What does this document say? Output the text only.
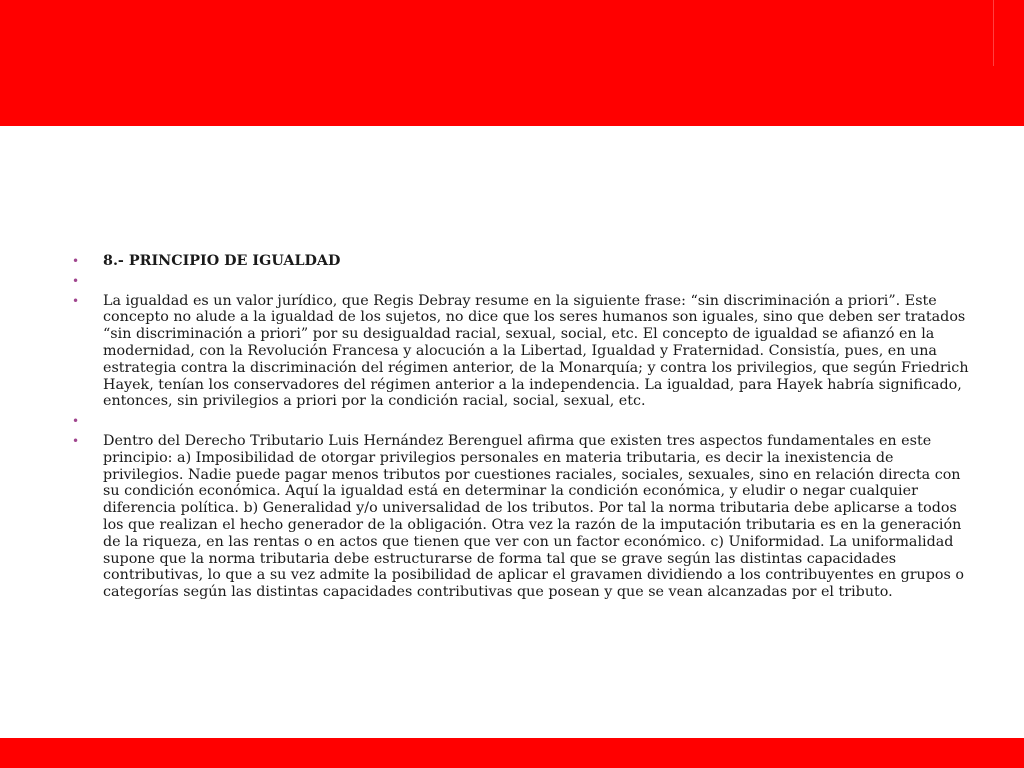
• 8.- PRINCIPIO DE IGUALDAD
•
• La igualdad es un valor jurídico, que Regis Debray resume en la siguiente frase: “sin discriminación a priori”. Este concepto no alude a la igualdad de los sujetos, no dice que los seres humanos son iguales, sino que deben ser tratados “sin discriminación a priori” por su desigualdad racial, sexual, social, etc. El concepto de igualdad se afianzó en la modernidad, con la Revolución Francesa y alocución a la Libertad, Igualdad y Fraternidad. Consistía, pues, en una estrategia contra la discriminación del régimen anterior, de la Monarquía; y contra los privilegios, que según Friedrich Hayek, tenían los conservadores del régimen anterior a la independencia. La igualdad, para Hayek habría significado, entonces, sin privilegios a priori por la condición racial, social, sexual, etc.
•
• Dentro del Derecho Tributario Luis Hernández Berenguel afirma que existen tres aspectos fundamentales en este principio: a) Imposibilidad de otorgar privilegios personales en materia tributaria, es decir la inexistencia de privilegios. Nadie puede pagar menos tributos por cuestiones raciales, sociales, sexuales, sino en relación directa con su condición económica. Aquí la igualdad está en determinar la condición económica, y eludir o negar cualquier diferencia política. b) Generalidad y/o universalidad de los tributos. Por tal la norma tributaria debe aplicarse a todos los que realizan el hecho generador de la obligación. Otra vez la razón de la imputación tributaria es en la generación de la riqueza, en las rentas o en actos que tienen que ver con un factor económico. c) Uniformidad. La uniformalidad supone que la norma tributaria debe estructurarse de forma tal que se grave según las distintas capacidades contributivas, lo que a su vez admite la posibilidad de aplicar el gravamen dividiendo a los contribuyentes en grupos o categorías según las distintas capacidades contributivas que posean y que se vean alcanzadas por el tributo.
